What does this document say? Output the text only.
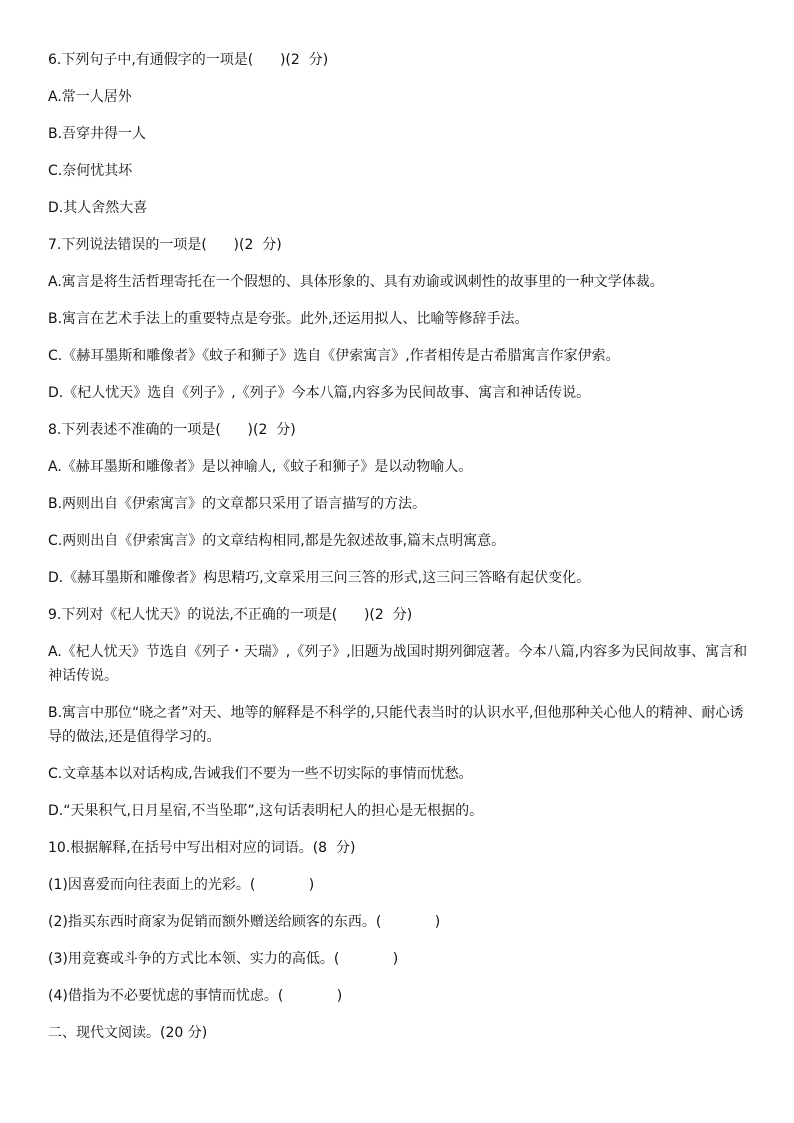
6.下列句子中,有通假字的一项是(      )(2  分)
A.常一人居外
B.吾穿井得一人
C.奈何忧其坏
D.其人舍然大喜
7.下列说法错误的一项是(      )(2  分)
A.寓言是将生活哲理寄托在一个假想的、具体形象的、具有劝谕或讽刺性的故事里的一种文学体裁。
B.寓言在艺术手法上的重要特点是夸张。此外,还运用拟人、比喻等修辞手法。
C.《赫耳墨斯和雕像者》《蚊子和狮子》选自《伊索寓言》,作者相传是古希腊寓言作家伊索。
D.《杞人忧天》选自《列子》,《列子》今本八篇,内容多为民间故事、寓言和神话传说。
8.下列表述不准确的一项是(      )(2  分)
A.《赫耳墨斯和雕像者》是以神喻人,《蚊子和狮子》是以动物喻人。
B.两则出自《伊索寓言》的文章都只采用了语言描写的方法。
C.两则出自《伊索寓言》的文章结构相同,都是先叙述故事,篇末点明寓意。
D.《赫耳墨斯和雕像者》构思精巧,文章采用三问三答的形式,这三问三答略有起伏变化。
9.下列对《杞人忧天》的说法,不正确的一项是(      )(2  分)
A.《杞人忧天》节选自《列子・天瑞》,《列子》,旧题为战国时期列御寇著。今本八篇,内容多为民间故事、寓言和神话传说。
B.寓言中那位“晓之者”对天、地等的解释是不科学的,只能代表当时的认识水平,但他那种关心他人的精神、耐心诱导的做法,还是值得学习的。
C.文章基本以对话构成,告诫我们不要为一些不切实际的事情而忧愁。
D.“天果积气,日月星宿,不当坠耶”,这句话表明杞人的担心是无根据的。
10.根据解释,在括号中写出相对应的词语。(8  分)
(1)因喜爱而向往表面上的光彩。(            )
(2)指买东西时商家为促销而额外赠送给顾客的东西。(            )
(3)用竞赛或斗争的方式比本领、实力的高低。(            )
(4)借指为不必要忧虑的事情而忧虑。(            )
二、现代文阅读。(20 分)
